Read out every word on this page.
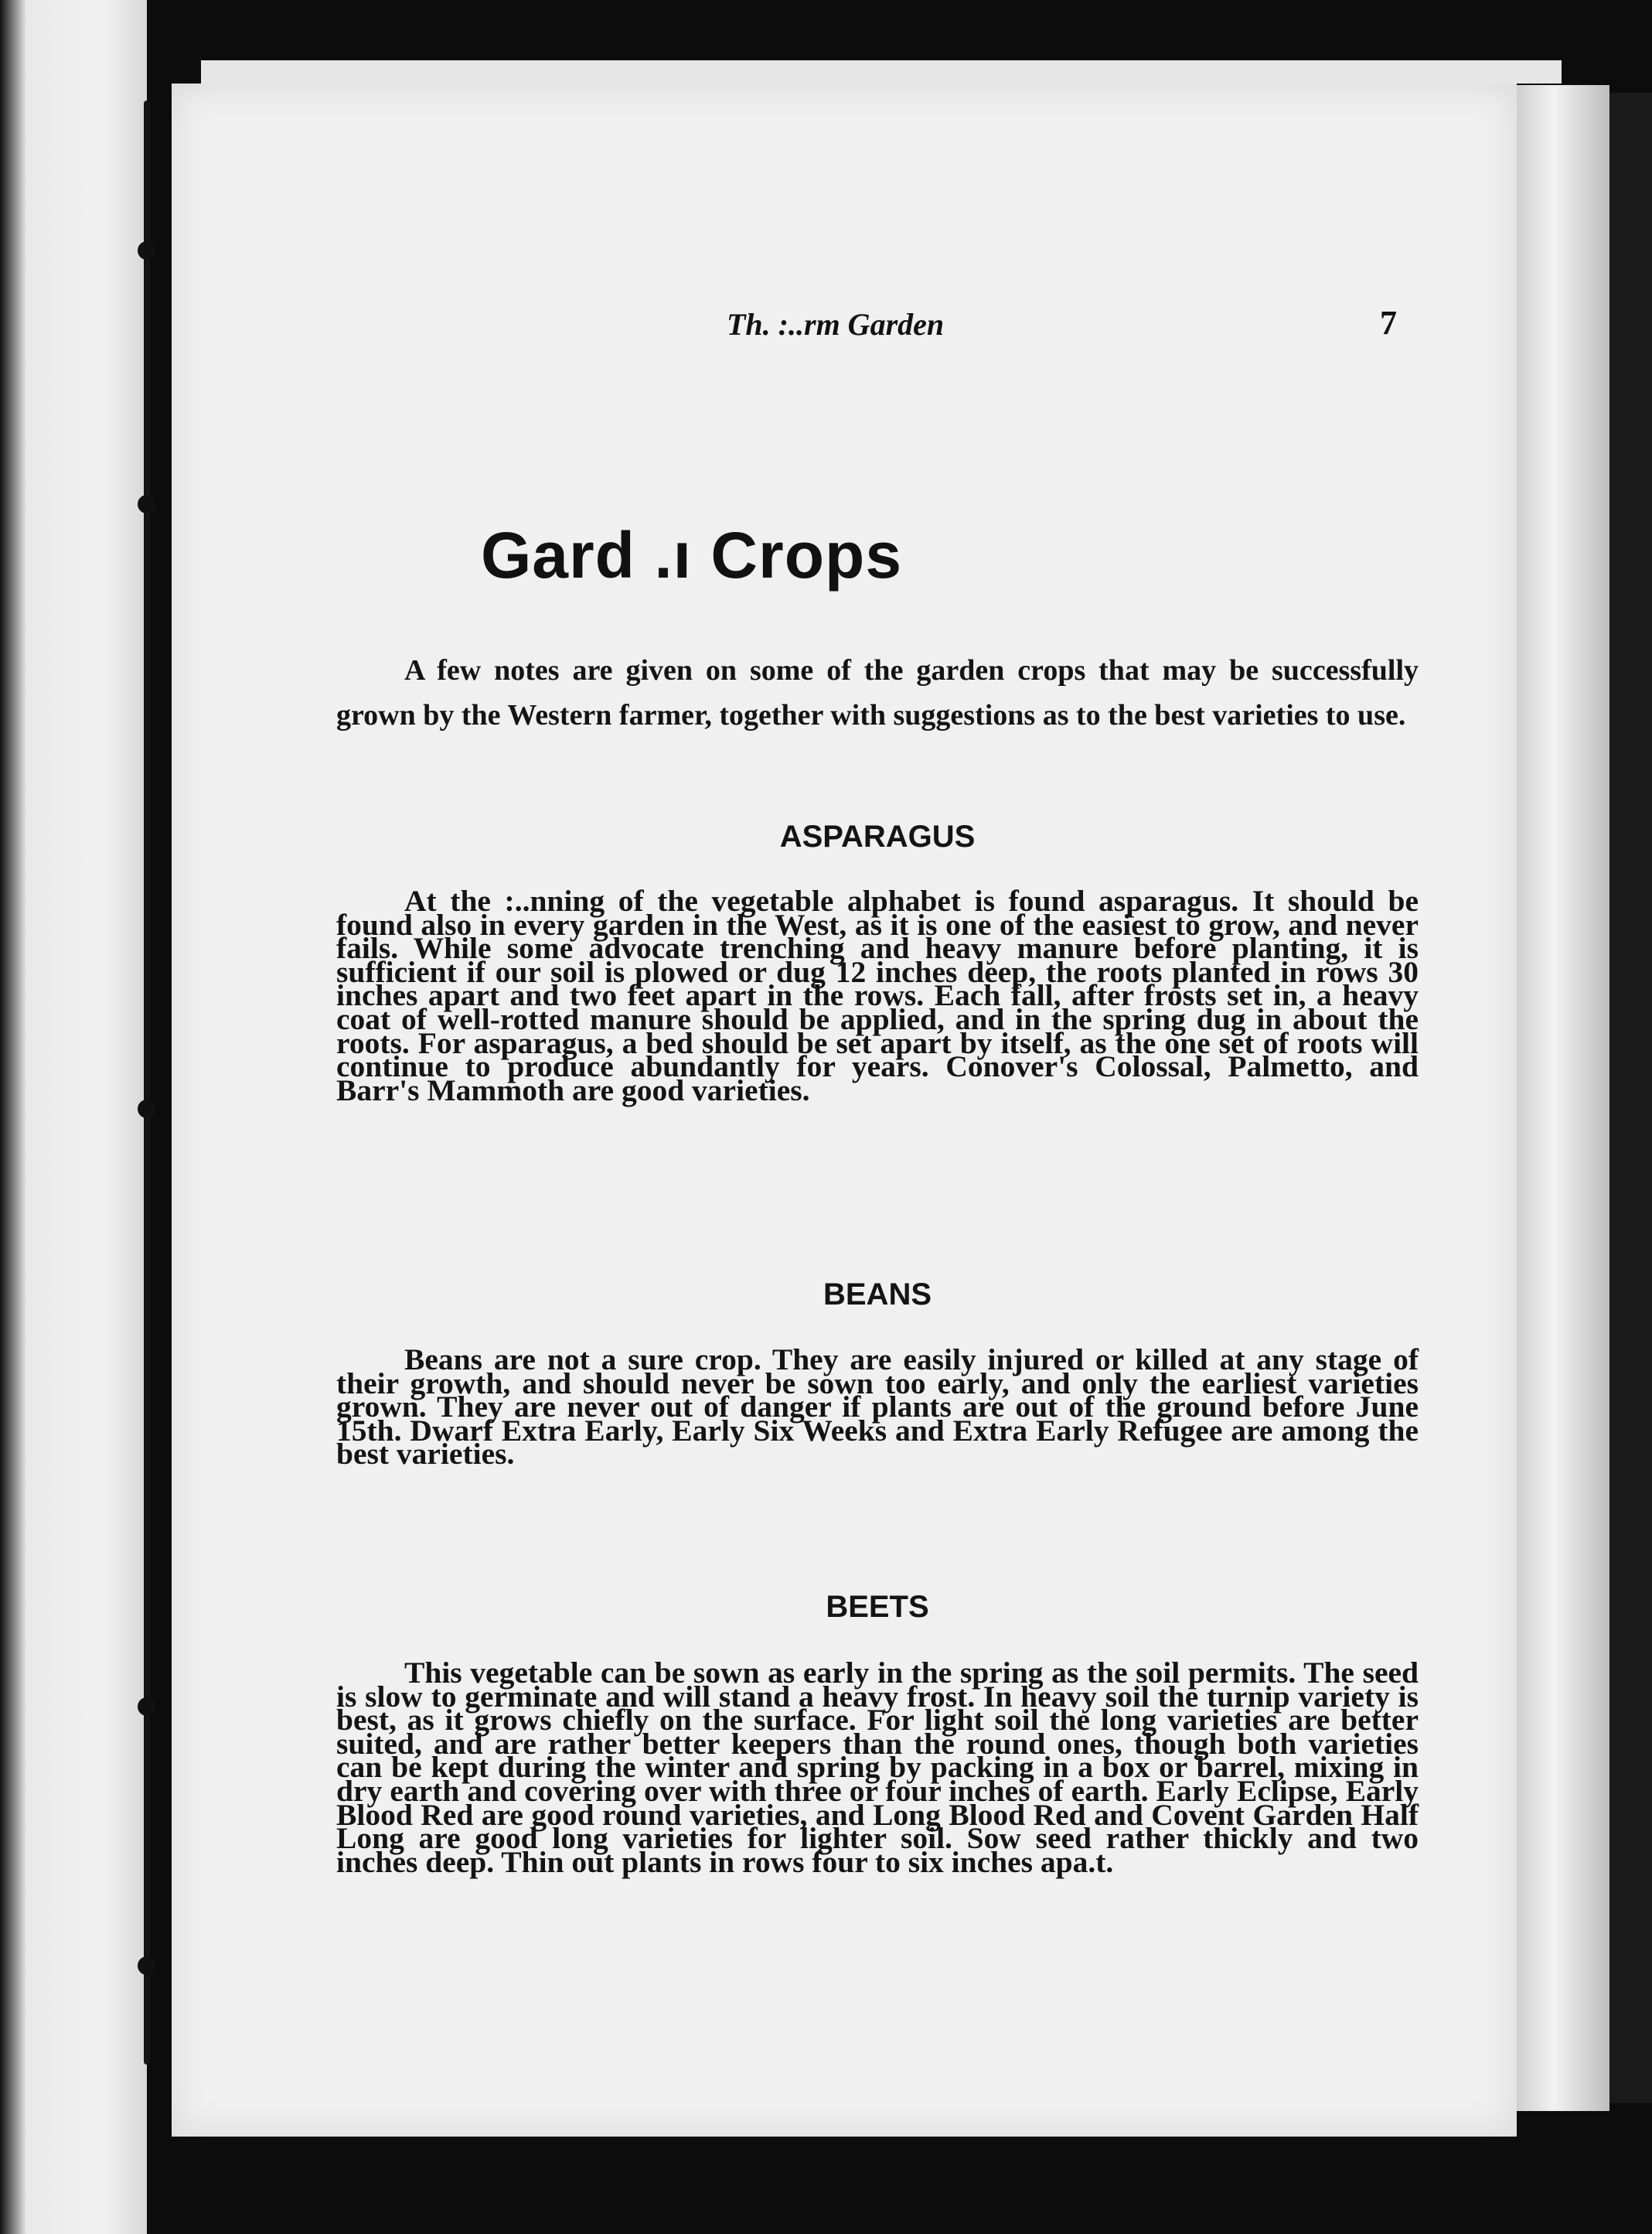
Th. :..rm Garden	7
Gard .ı Crops

A few notes are given on some of the garden crops that may be successfully grown by the Western farmer, together with suggestions as to the best varieties to use.

ASPARAGUS

At the :..nning of the vegetable alphabet is found asparagus. It should be found also in every garden in the West, as it is one of the easiest to grow, and never fails. While some advocate trenching and heavy manure before planting, it is sufficient if our soil is plowed or dug 12 inches deep, the roots planted in rows 30 inches apart and two feet apart in the rows. Each fall, after frosts set in, a heavy coat of well-rotted manure should be applied, and in the spring dug in about the roots. For asparagus, a bed should be set apart by itself, as the one set of roots will continue to produce abundantly for years. Conover's Colossal, Palmetto, and Barr's Mammoth are good varieties.

BEANS

Beans are not a sure crop. They are easily injured or killed at any stage of their growth, and should never be sown too early, and only the earliest varieties grown. They are never out of danger if plants are out of the ground before June 15th. Dwarf Extra Early, Early Six Weeks and Extra Early Refugee are among the best varieties.

BEETS

This vegetable can be sown as early in the spring as the soil permits. The seed is slow to germinate and will stand a heavy frost. In heavy soil the turnip variety is best, as it grows chiefly on the surface. For light soil the long varieties are better suited, and are rather better keepers than the round ones, though both varieties can be kept during the winter and spring by packing in a box or barrel, mixing in dry earth and covering over with three or four inches of earth. Early Eclipse, Early Blood Red are good round varieties, and Long Blood Red and Covent Garden Half Long are good long varieties for lighter soil. Sow seed rather thickly and two inches deep. Thin out plants in rows four to six inches apa.t.
